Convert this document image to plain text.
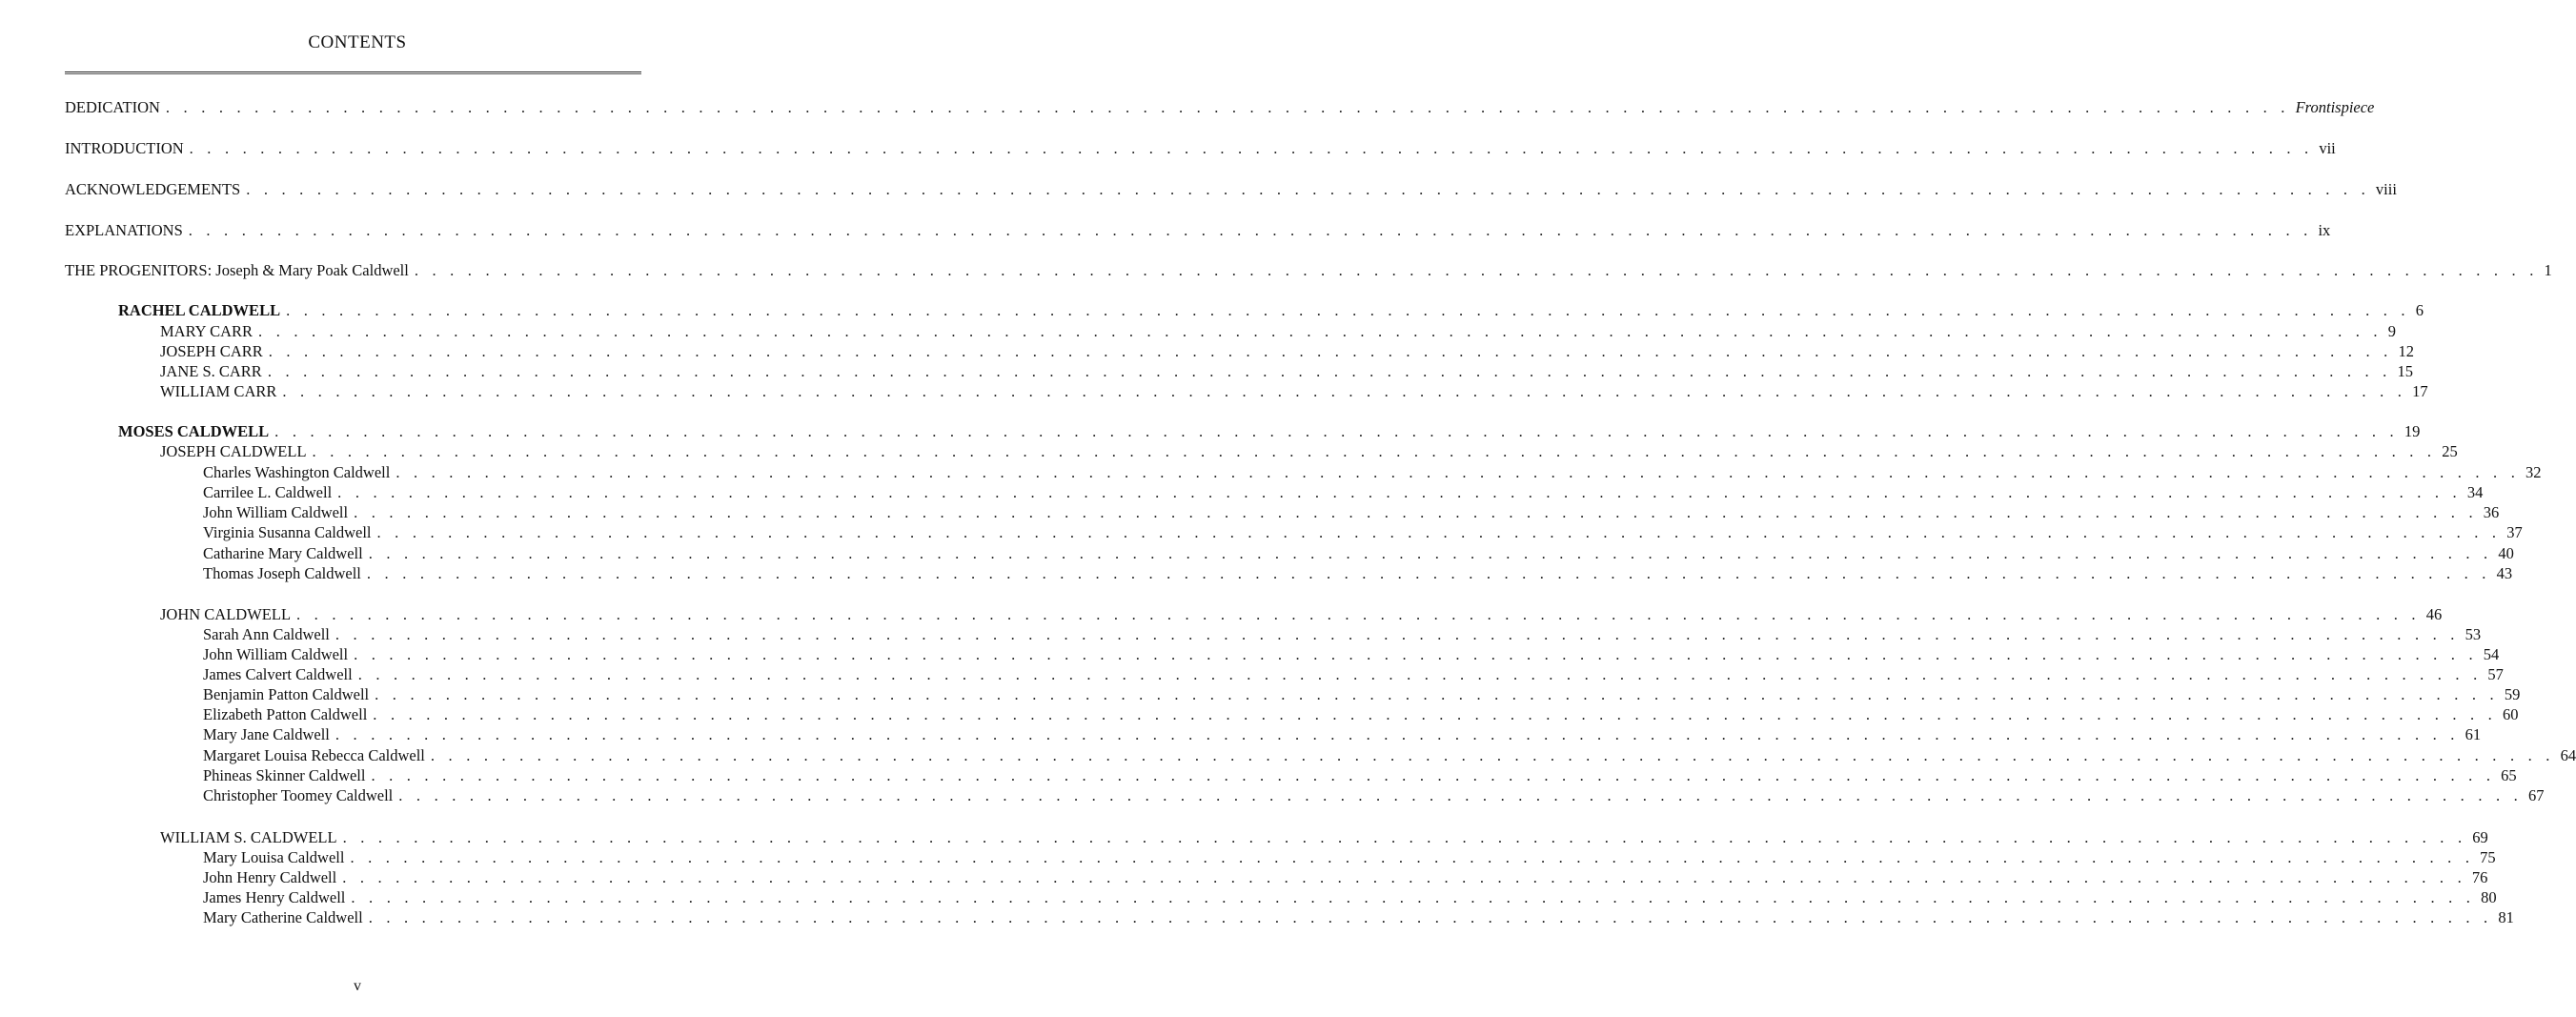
CONTENTS
DEDICATION . . . . . . . . . . . . . . . . . . . . . . . . . . . . . . . . . . . . . . . . . . . . . . . . . . . . . . . . . . . . . . . . . . . . . . . . . . . . . . . . . . . . . . . . . . . . . . . . . . . . . . . . . . . . . . . . . . . . . . . . Frontispiece
INTRODUCTION . . . . . . . . . . . . . . . . . . . . . . . . . . . . . . . . . . . . . . . . . . . . . . . . . . . . . . . . . . . . . . . . . . . . . . . . . . . . . . . . . . . . . . . . . . . . . . . . . . . . . . . . . . . . . . . . . . . . . . . . vii
ACKNOWLEDGEMENTS . . . . . . . . . . . . . . . . . . . . . . . . . . . . . . . . . . . . . . . . . . . . . . . . . . . . . . . . . . . . . . . . . . . . . . . . . . . . . . . . . . . . . . . . . . . . . . . . . . . . . . . . . . . . . . . . . . . . . . . . viii
EXPLANATIONS . . . . . . . . . . . . . . . . . . . . . . . . . . . . . . . . . . . . . . . . . . . . . . . . . . . . . . . . . . . . . . . . . . . . . . . . . . . . . . . . . . . . . . . . . . . . . . . . . . . . . . . . . . . . . . . . . . . . . . . . ix
THE PROGENITORS: Joseph & Mary Poak Caldwell . . . . . . . . . . . . . . . . . . . . . . . . . . . . . . . . . . . . . . . . . . . . . . . . . . . . . . . . . . . . . . . . . . . . . . . . . . . . . . . . . . . . . . . . . . . . . . . . . . . . . . . . . . . . . . . . . . . . . . . . 1
RACHEL CALDWELL . . . . . . . . . . . . . . . . . . . . . . . . . . . . . . . . . . . . . . . . . . . . . . . . . . . . . . . . . . . . . . . . . . . . . . . . . . . . . . . . . . . . . . . . . . . . . . . . . . . . . . . . . . . . . . . . . . . . . . . . 6
MARY CARR . . . . . . . . . . . . . . . . . . . . . . . . . . . . . . . . . . . . . . . . . . . . . . . . . . . . . . . . . . . . . . . . . . . . . . . . . . . . . . . . . . . . . . . . . . . . . . . . . . . . . . . . . . . . . . . . . . . . . . . . 9
JOSEPH CARR . . . . . . . . . . . . . . . . . . . . . . . . . . . . . . . . . . . . . . . . . . . . . . . . . . . . . . . . . . . . . . . . . . . . . . . . . . . . . . . . . . . . . . . . . . . . . . . . . . . . . . . . . . . . . . . . . . . . . . . . 12
JANE S. CARR . . . . . . . . . . . . . . . . . . . . . . . . . . . . . . . . . . . . . . . . . . . . . . . . . . . . . . . . . . . . . . . . . . . . . . . . . . . . . . . . . . . . . . . . . . . . . . . . . . . . . . . . . . . . . . . . . . . . . . . . 15
WILLIAM CARR . . . . . . . . . . . . . . . . . . . . . . . . . . . . . . . . . . . . . . . . . . . . . . . . . . . . . . . . . . . . . . . . . . . . . . . . . . . . . . . . . . . . . . . . . . . . . . . . . . . . . . . . . . . . . . . . . . . . . . . . 17
MOSES CALDWELL . . . . . . . . . . . . . . . . . . . . . . . . . . . . . . . . . . . . . . . . . . . . . . . . . . . . . . . . . . . . . . . . . . . . . . . . . . . . . . . . . . . . . . . . . . . . . . . . . . . . . . . . . . . . . . . . . . . . . . . . 19
JOSEPH CALDWELL . . . . . . . . . . . . . . . . . . . . . . . . . . . . . . . . . . . . . . . . . . . . . . . . . . . . . . . . . . . . . . . . . . . . . . . . . . . . . . . . . . . . . . . . . . . . . . . . . . . . . . . . . . . . . . . . . . . . . . . . 25
Charles Washington Caldwell . . . . . . . . . . . . . . . . . . . . . . . . . . . . . . . . . . . . . . . . . . . . . . . . . . . . . . . . . . . . . . . . . . . . . . . . . . . . . . . . . . . . . . . . . . . . . . . . . . . . . . . . . . . . . . . . . . . . . . . . 32
Carrilee L. Caldwell . . . . . . . . . . . . . . . . . . . . . . . . . . . . . . . . . . . . . . . . . . . . . . . . . . . . . . . . . . . . . . . . . . . . . . . . . . . . . . . . . . . . . . . . . . . . . . . . . . . . . . . . . . . . . . . . . . . . . . . . 34
John William Caldwell . . . . . . . . . . . . . . . . . . . . . . . . . . . . . . . . . . . . . . . . . . . . . . . . . . . . . . . . . . . . . . . . . . . . . . . . . . . . . . . . . . . . . . . . . . . . . . . . . . . . . . . . . . . . . . . . . . . . . . . . 36
Virginia Susanna Caldwell . . . . . . . . . . . . . . . . . . . . . . . . . . . . . . . . . . . . . . . . . . . . . . . . . . . . . . . . . . . . . . . . . . . . . . . . . . . . . . . . . . . . . . . . . . . . . . . . . . . . . . . . . . . . . . . . . . . . . . . . 37
Catharine Mary Caldwell . . . . . . . . . . . . . . . . . . . . . . . . . . . . . . . . . . . . . . . . . . . . . . . . . . . . . . . . . . . . . . . . . . . . . . . . . . . . . . . . . . . . . . . . . . . . . . . . . . . . . . . . . . . . . . . . . . . . . . . . 40
Thomas Joseph Caldwell . . . . . . . . . . . . . . . . . . . . . . . . . . . . . . . . . . . . . . . . . . . . . . . . . . . . . . . . . . . . . . . . . . . . . . . . . . . . . . . . . . . . . . . . . . . . . . . . . . . . . . . . . . . . . . . . . . . . . . . . 43
JOHN CALDWELL . . . . . . . . . . . . . . . . . . . . . . . . . . . . . . . . . . . . . . . . . . . . . . . . . . . . . . . . . . . . . . . . . . . . . . . . . . . . . . . . . . . . . . . . . . . . . . . . . . . . . . . . . . . . . . . . . . . . . . . . 46
Sarah Ann Caldwell . . . . . . . . . . . . . . . . . . . . . . . . . . . . . . . . . . . . . . . . . . . . . . . . . . . . . . . . . . . . . . . . . . . . . . . . . . . . . . . . . . . . . . . . . . . . . . . . . . . . . . . . . . . . . . . . . . . . . . . . 53
John William Caldwell . . . . . . . . . . . . . . . . . . . . . . . . . . . . . . . . . . . . . . . . . . . . . . . . . . . . . . . . . . . . . . . . . . . . . . . . . . . . . . . . . . . . . . . . . . . . . . . . . . . . . . . . . . . . . . . . . . . . . . . . 54
James Calvert Caldwell . . . . . . . . . . . . . . . . . . . . . . . . . . . . . . . . . . . . . . . . . . . . . . . . . . . . . . . . . . . . . . . . . . . . . . . . . . . . . . . . . . . . . . . . . . . . . . . . . . . . . . . . . . . . . . . . . . . . . . . . 57
Benjamin Patton Caldwell . . . . . . . . . . . . . . . . . . . . . . . . . . . . . . . . . . . . . . . . . . . . . . . . . . . . . . . . . . . . . . . . . . . . . . . . . . . . . . . . . . . . . . . . . . . . . . . . . . . . . . . . . . . . . . . . . . . . . . . . 59
Elizabeth Patton Caldwell . . . . . . . . . . . . . . . . . . . . . . . . . . . . . . . . . . . . . . . . . . . . . . . . . . . . . . . . . . . . . . . . . . . . . . . . . . . . . . . . . . . . . . . . . . . . . . . . . . . . . . . . . . . . . . . . . . . . . . . . 60
Mary Jane Caldwell . . . . . . . . . . . . . . . . . . . . . . . . . . . . . . . . . . . . . . . . . . . . . . . . . . . . . . . . . . . . . . . . . . . . . . . . . . . . . . . . . . . . . . . . . . . . . . . . . . . . . . . . . . . . . . . . . . . . . . . . 61
Margaret Louisa Rebecca Caldwell . . . . . . . . . . . . . . . . . . . . . . . . . . . . . . . . . . . . . . . . . . . . . . . . . . . . . . . . . . . . . . . . . . . . . . . . . . . . . . . . . . . . . . . . . . . . . . . . . . . . . . . . . . . . . . . . . . . . . . . . 64
Phineas Skinner Caldwell . . . . . . . . . . . . . . . . . . . . . . . . . . . . . . . . . . . . . . . . . . . . . . . . . . . . . . . . . . . . . . . . . . . . . . . . . . . . . . . . . . . . . . . . . . . . . . . . . . . . . . . . . . . . . . . . . . . . . . . . 65
Christopher Toomey Caldwell . . . . . . . . . . . . . . . . . . . . . . . . . . . . . . . . . . . . . . . . . . . . . . . . . . . . . . . . . . . . . . . . . . . . . . . . . . . . . . . . . . . . . . . . . . . . . . . . . . . . . . . . . . . . . . . . . . . . . . . . 67
WILLIAM S. CALDWELL . . . . . . . . . . . . . . . . . . . . . . . . . . . . . . . . . . . . . . . . . . . . . . . . . . . . . . . . . . . . . . . . . . . . . . . . . . . . . . . . . . . . . . . . . . . . . . . . . . . . . . . . . . . . . . . . . . . . . . . . 69
Mary Louisa Caldwell . . . . . . . . . . . . . . . . . . . . . . . . . . . . . . . . . . . . . . . . . . . . . . . . . . . . . . . . . . . . . . . . . . . . . . . . . . . . . . . . . . . . . . . . . . . . . . . . . . . . . . . . . . . . . . . . . . . . . . . . 75
John Henry Caldwell . . . . . . . . . . . . . . . . . . . . . . . . . . . . . . . . . . . . . . . . . . . . . . . . . . . . . . . . . . . . . . . . . . . . . . . . . . . . . . . . . . . . . . . . . . . . . . . . . . . . . . . . . . . . . . . . . . . . . . . . 76
James Henry Caldwell . . . . . . . . . . . . . . . . . . . . . . . . . . . . . . . . . . . . . . . . . . . . . . . . . . . . . . . . . . . . . . . . . . . . . . . . . . . . . . . . . . . . . . . . . . . . . . . . . . . . . . . . . . . . . . . . . . . . . . . . 80
Mary Catherine Caldwell . . . . . . . . . . . . . . . . . . . . . . . . . . . . . . . . . . . . . . . . . . . . . . . . . . . . . . . . . . . . . . . . . . . . . . . . . . . . . . . . . . . . . . . . . . . . . . . . . . . . . . . . . . . . . . . . . . . . . . . . 81
v
